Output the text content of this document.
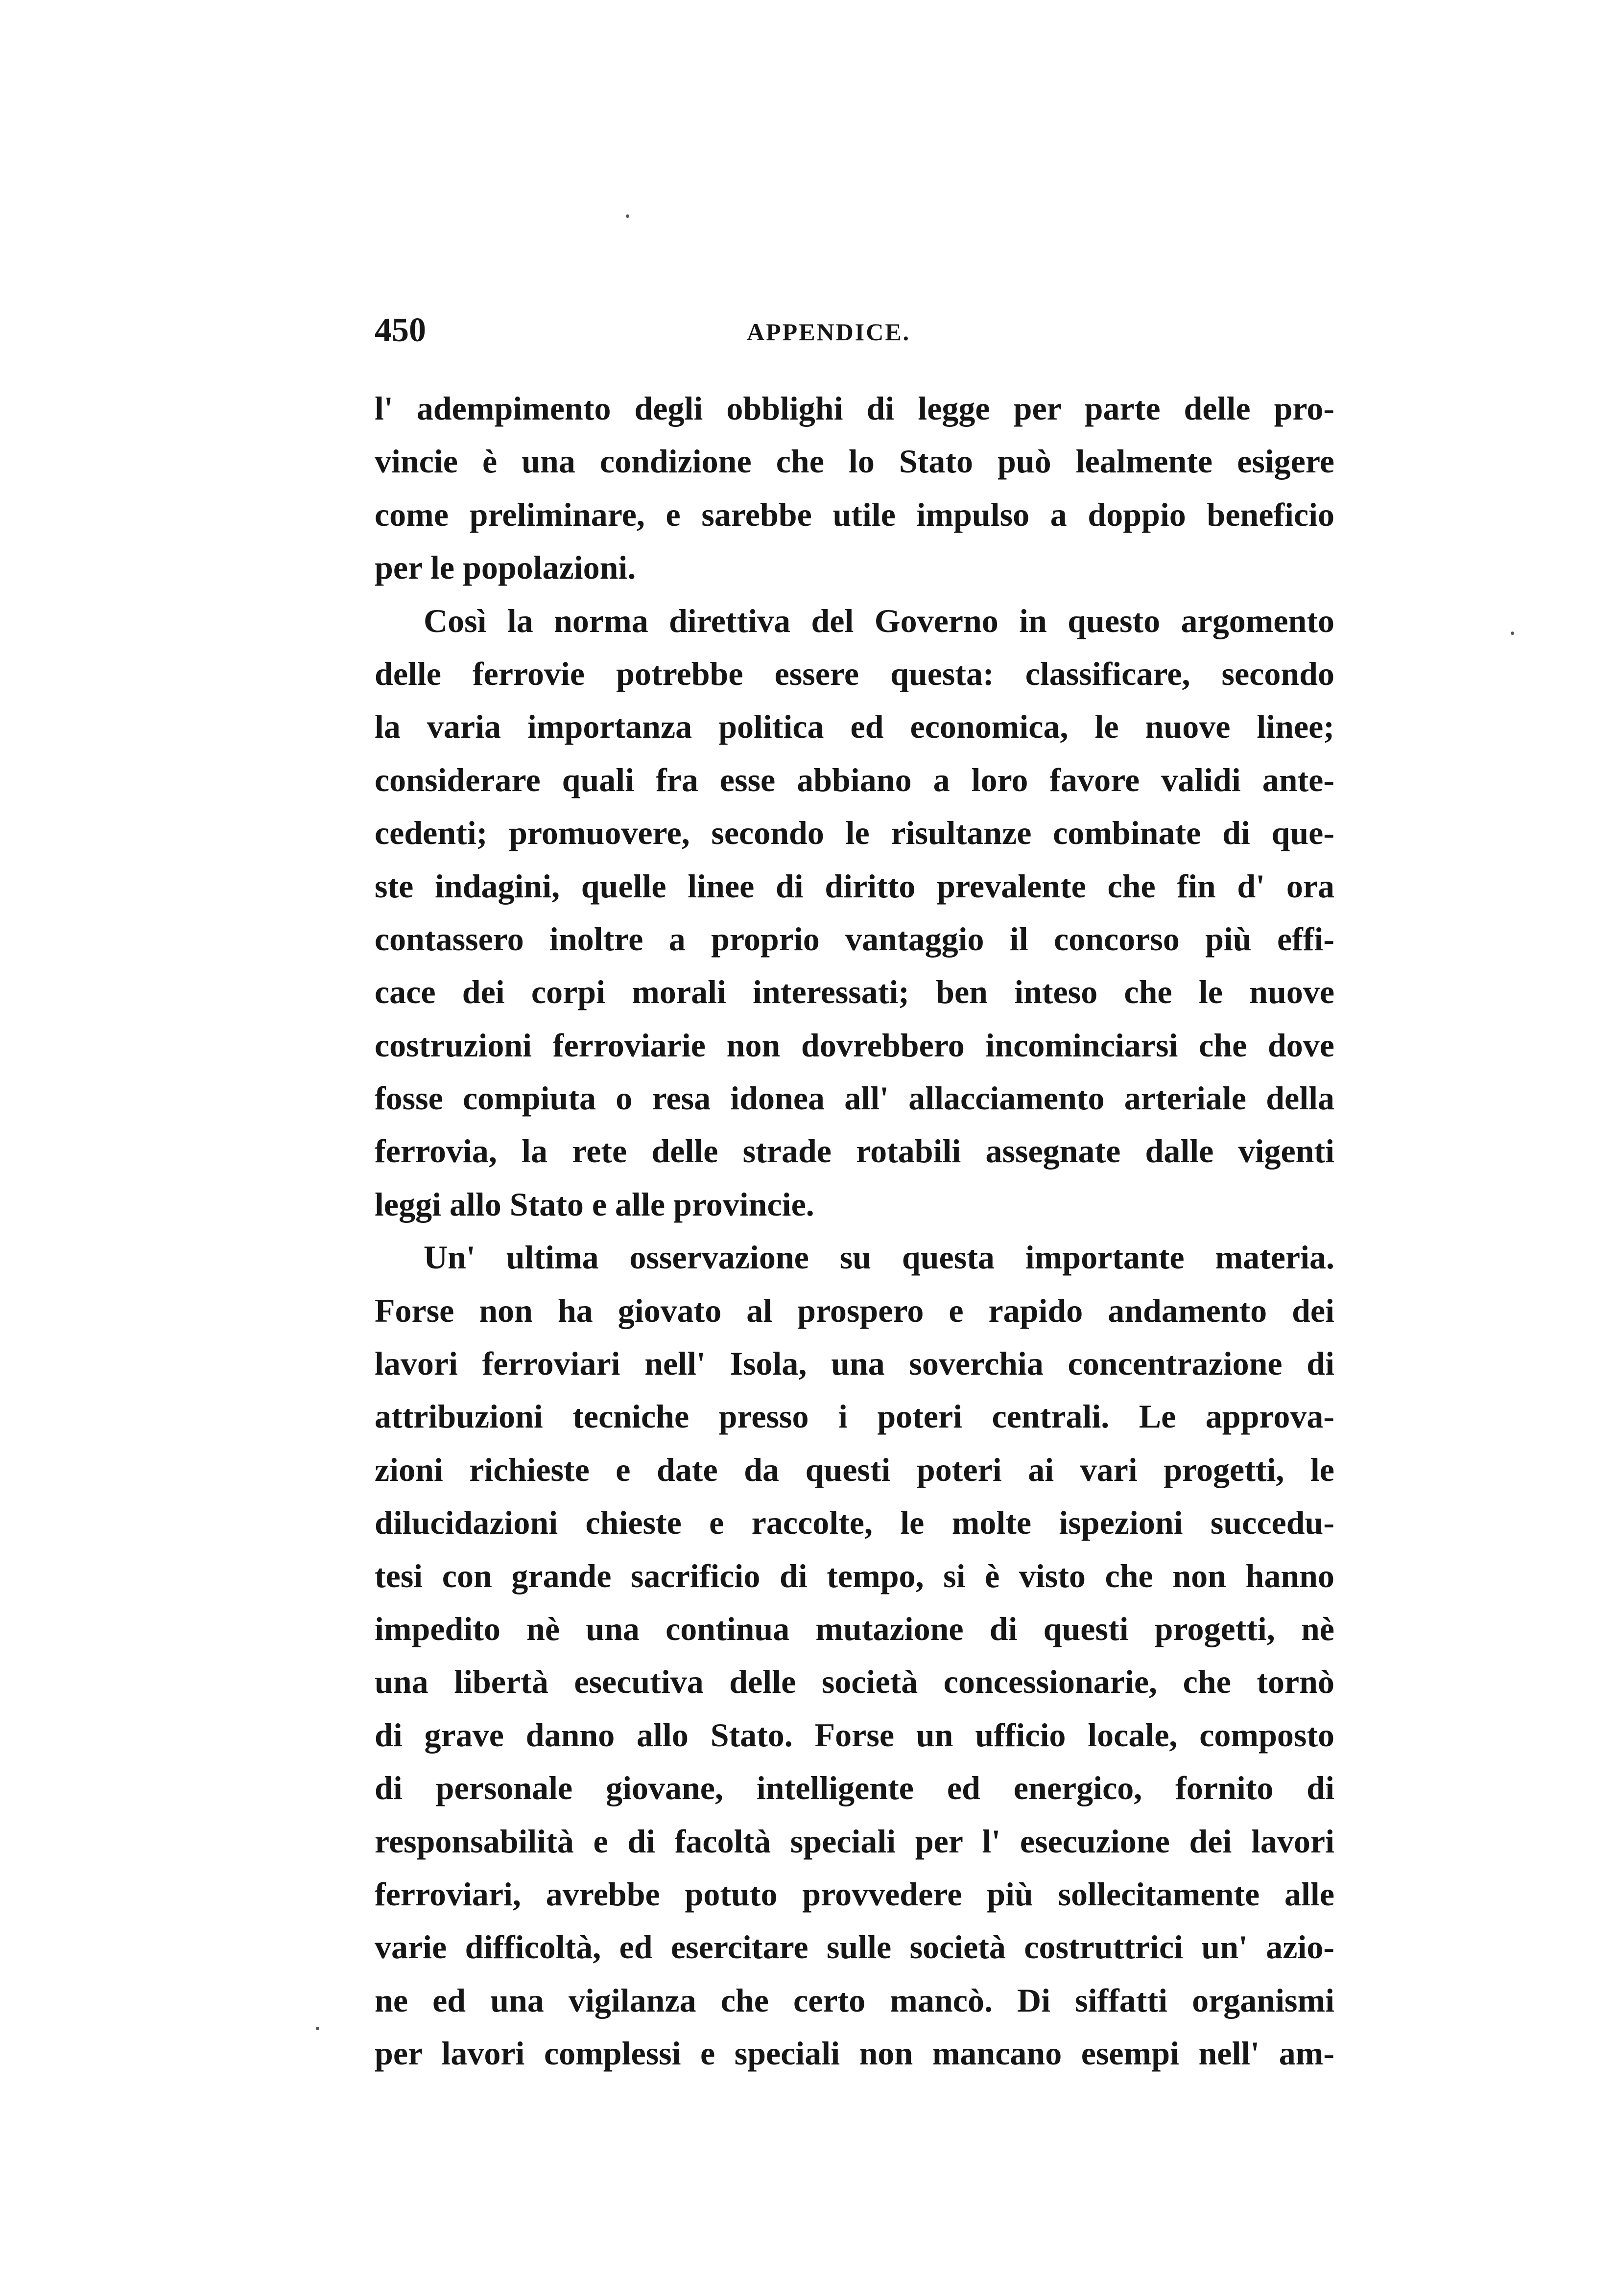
450	APPENDICE.
l' adempimento degli obblighi di legge per parte delle pro-
vincie è una condizione che lo Stato può lealmente esigere
come preliminare, e sarebbe utile impulso a doppio beneficio
per le popolazioni.
Così la norma direttiva del Governo in questo argomento
delle ferrovie potrebbe essere questa: classificare, secondo
la varia importanza politica ed economica, le nuove linee;
considerare quali fra esse abbiano a loro favore validi ante-
cedenti; promuovere, secondo le risultanze combinate di que-
ste indagini, quelle linee di diritto prevalente che fin d' ora
contassero inoltre a proprio vantaggio il concorso più effi-
cace dei corpi morali interessati; ben inteso che le nuove
costruzioni ferroviarie non dovrebbero incominciarsi che dove
fosse compiuta o resa idonea all' allacciamento arteriale della
ferrovia, la rete delle strade rotabili assegnate dalle vigenti
leggi allo Stato e alle provincie.
Un' ultima osservazione su questa importante materia.
Forse non ha giovato al prospero e rapido andamento dei
lavori ferroviari nell' Isola, una soverchia concentrazione di
attribuzioni tecniche presso i poteri centrali. Le approva-
zioni richieste e date da questi poteri ai vari progetti, le
dilucidazioni chieste e raccolte, le molte ispezioni succedu-
tesi con grande sacrificio di tempo, si è visto che non hanno
impedito nè una continua mutazione di questi progetti, nè
una libertà esecutiva delle società concessionarie, che tornò
di grave danno allo Stato. Forse un ufficio locale, composto
di personale giovane, intelligente ed energico, fornito di
responsabilità e di facoltà speciali per l' esecuzione dei lavori
ferroviari, avrebbe potuto provvedere più sollecitamente alle
varie difficoltà, ed esercitare sulle società costruttrici un' azio-
ne ed una vigilanza che certo mancò. Di siffatti organismi
per lavori complessi e speciali non mancano esempi nell' am-
